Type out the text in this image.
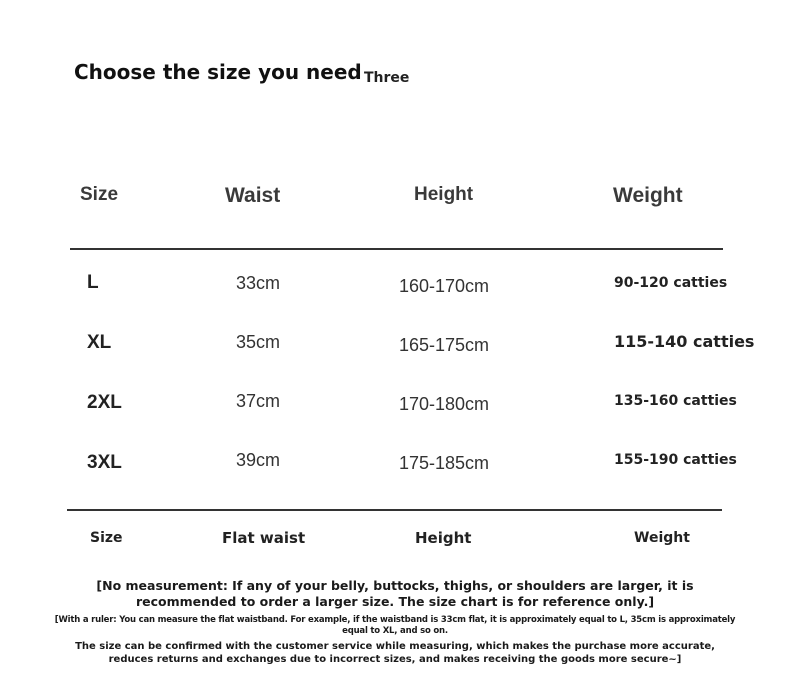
Choose the size you need Three
Size	Waist	Height	Weight
L	33cm	160-170cm	90-120 catties
XL	35cm	165-175cm	115-140 catties
2XL	37cm	170-180cm	135-160 catties
3XL	39cm	175-185cm	155-190 catties
Size	Flat waist	Height	Weight
[No measurement: If any of your belly, buttocks, thighs, or shoulders are larger, it is
recommended to order a larger size. The size chart is for reference only.]
[With a ruler: You can measure the flat waistband. For example, if the waistband is 33cm flat, it is approximately equal to L, 35cm is approximately
equal to XL, and so on.
The size can be confirmed with the customer service while measuring, which makes the purchase more accurate,
reduces returns and exchanges due to incorrect sizes, and makes receiving the goods more secure~]
